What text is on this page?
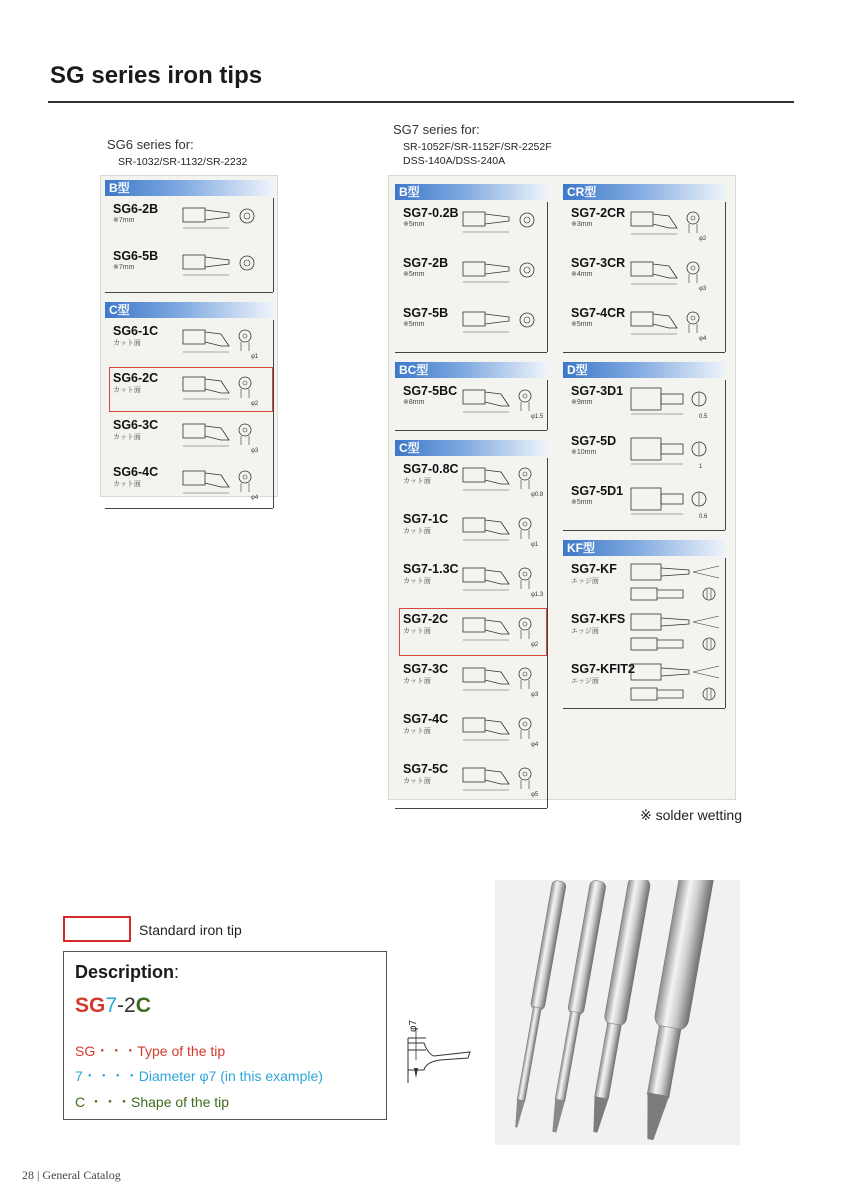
SG series iron tips
SG6 series for:
SR-1032/SR-1132/SR-2232
SG7 series for:
SR-1052F/SR-1152F/SR-2252F
DSS-140A/DSS-240A
B型
SG6-2B
※7mm
SG6-5B
※7mm
C型
SG6-1C
カット面
φ1
SG6-2C
カット面
φ2
SG6-3C
カット面
φ3
SG6-4C
カット面
φ4
B型
SG7-0.2B
※5mm
SG7-2B
※5mm
SG7-5B
※5mm
BC型
SG7-5BC
※8mm
φ1.5
C型
SG7-0.8C
カット面
φ0.8
SG7-1C
カット面
φ1
SG7-1.3C
カット面
φ1.3
SG7-2C
カット面
φ2
SG7-3C
カット面
φ3
SG7-4C
カット面
φ4
SG7-5C
カット面
φ5
CR型
SG7-2CR
※3mm
φ2
SG7-3CR
※4mm
φ3
SG7-4CR
※5mm
φ4
D型
SG7-3D1
※9mm
0.5
SG7-5D
※10mm
1
SG7-5D1
※5mm
0.6
KF型
SG7-KF
エッジ面
SG7-KFS
エッジ面
SG7-KFIT2
エッジ面
※ solder wetting
Standard iron tip
Description:
SG7-2C
SG・・・Type of the tip
7・・・・Diameter φ7 (in this example)
C ・・・Shape of the tip
φ7
28 | General Catalog
